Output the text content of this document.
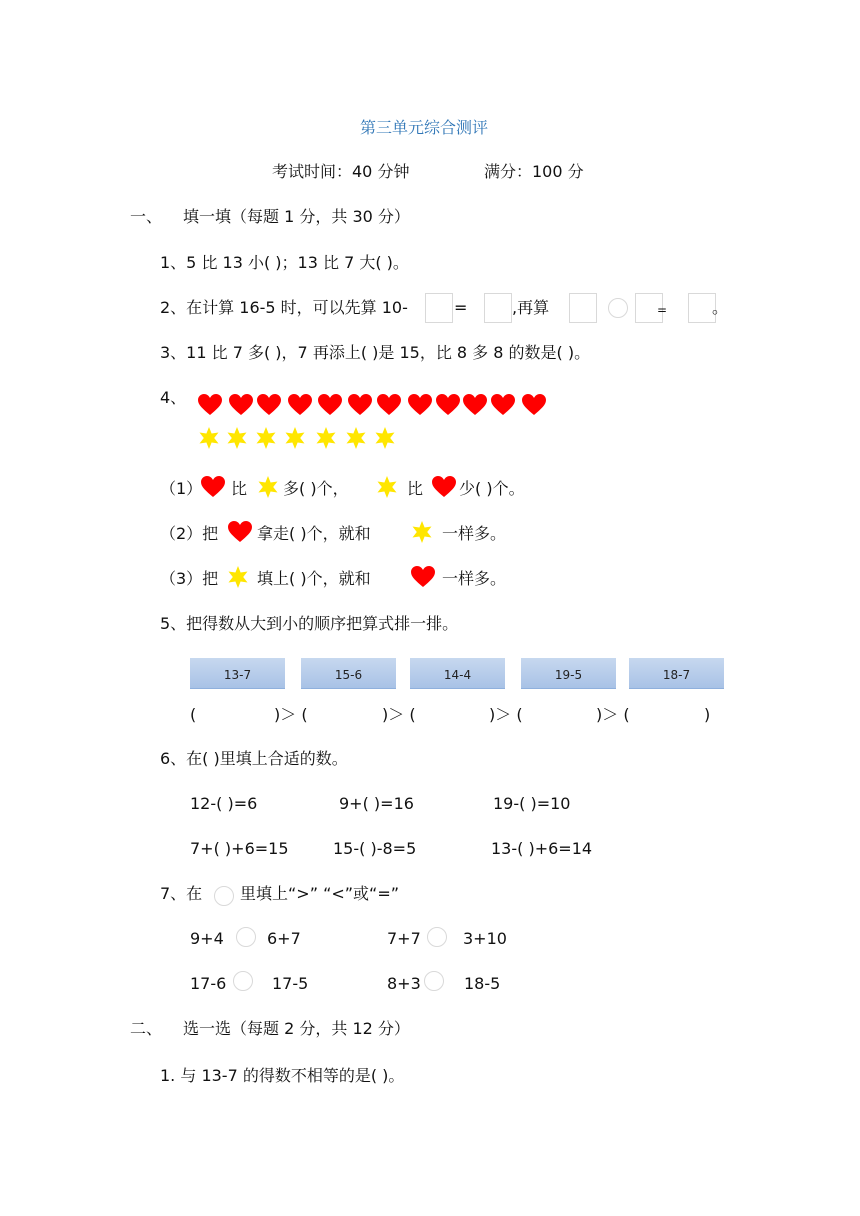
第三单元综合测评
考试时间：40 分钟	满分：100 分
一、 填一填（每题 1 分，共 30 分）
1、5 比 13 小( )；13 比 7 大( )。
2、在计算 16-5 时，可以先算 10-	=	,再算	=	。
3、11 比 7 多( )，7 再添上( )是 15，比 8 多 8 的数是( )。
4、
（1） 比 多( )个，	比 少( )个。
（2）把 拿走( )个，就和	一样多。
（3）把 填上( )个，就和	一样多。
5、把得数从大到小的顺序把算式排一排。
13-7	15-6	14-4	19-5	18-7
(	)＞ (	)＞ (	)＞ (	)＞ (	)
6、在( )里填上合适的数。
12-( )=6	9+( )=16	19-( )=10
7+( )+6=15	15-( )-8=5	13-( )+6=14
7、在 里填上“>” “<”或“=”
9+4	6+7	7+7	3+10
17-6	17-5	8+3	18-5
二、 选一选（每题 2 分，共 12 分）
1. 与 13-7 的得数不相等的是( )。
